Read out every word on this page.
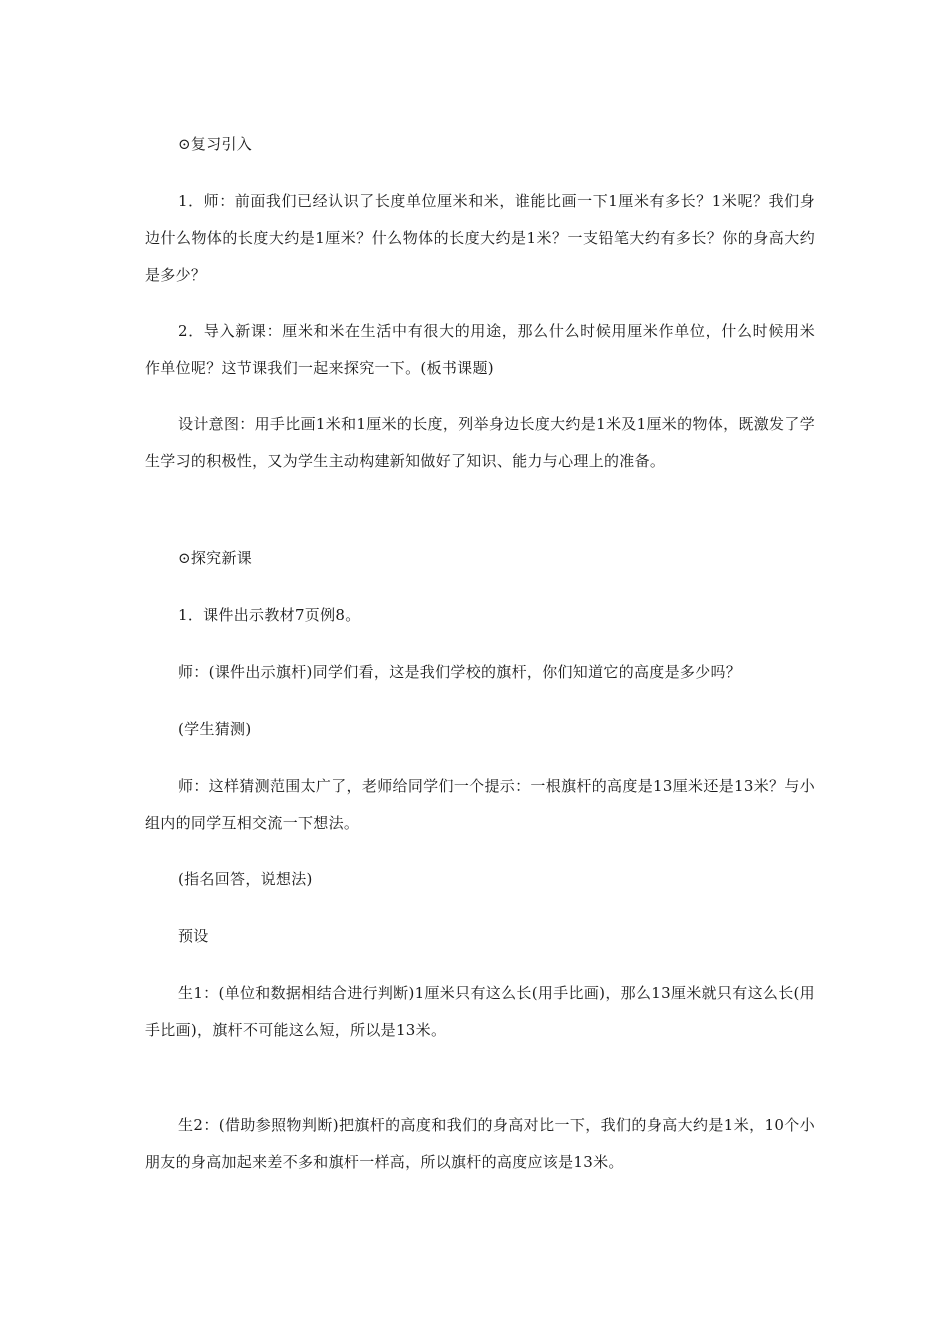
⊙复习引入

1．师：前面我们已经认识了长度单位厘米和米，谁能比画一下1厘米有多长？1米呢？我们身边什么物体的长度大约是1厘米？什么物体的长度大约是1米？一支铅笔大约有多长？你的身高大约是多少？

2．导入新课：厘米和米在生活中有很大的用途，那么什么时候用厘米作单位，什么时候用米作单位呢？这节课我们一起来探究一下。(板书课题)

设计意图：用手比画1米和1厘米的长度，列举身边长度大约是1米及1厘米的物体，既激发了学生学习的积极性，又为学生主动构建新知做好了知识、能力与心理上的准备。

⊙探究新课

1．课件出示教材7页例8。

师：(课件出示旗杆)同学们看，这是我们学校的旗杆，你们知道它的高度是多少吗？

(学生猜测)

师：这样猜测范围太广了，老师给同学们一个提示：一根旗杆的高度是13厘米还是13米？与小组内的同学互相交流一下想法。

(指名回答，说想法)

预设

生1：(单位和数据相结合进行判断)1厘米只有这么长(用手比画)，那么13厘米就只有这么长(用手比画)，旗杆不可能这么短，所以是13米。

生2：(借助参照物判断)把旗杆的高度和我们的身高对比一下，我们的身高大约是1米，10个小朋友的身高加起来差不多和旗杆一样高，所以旗杆的高度应该是13米。
